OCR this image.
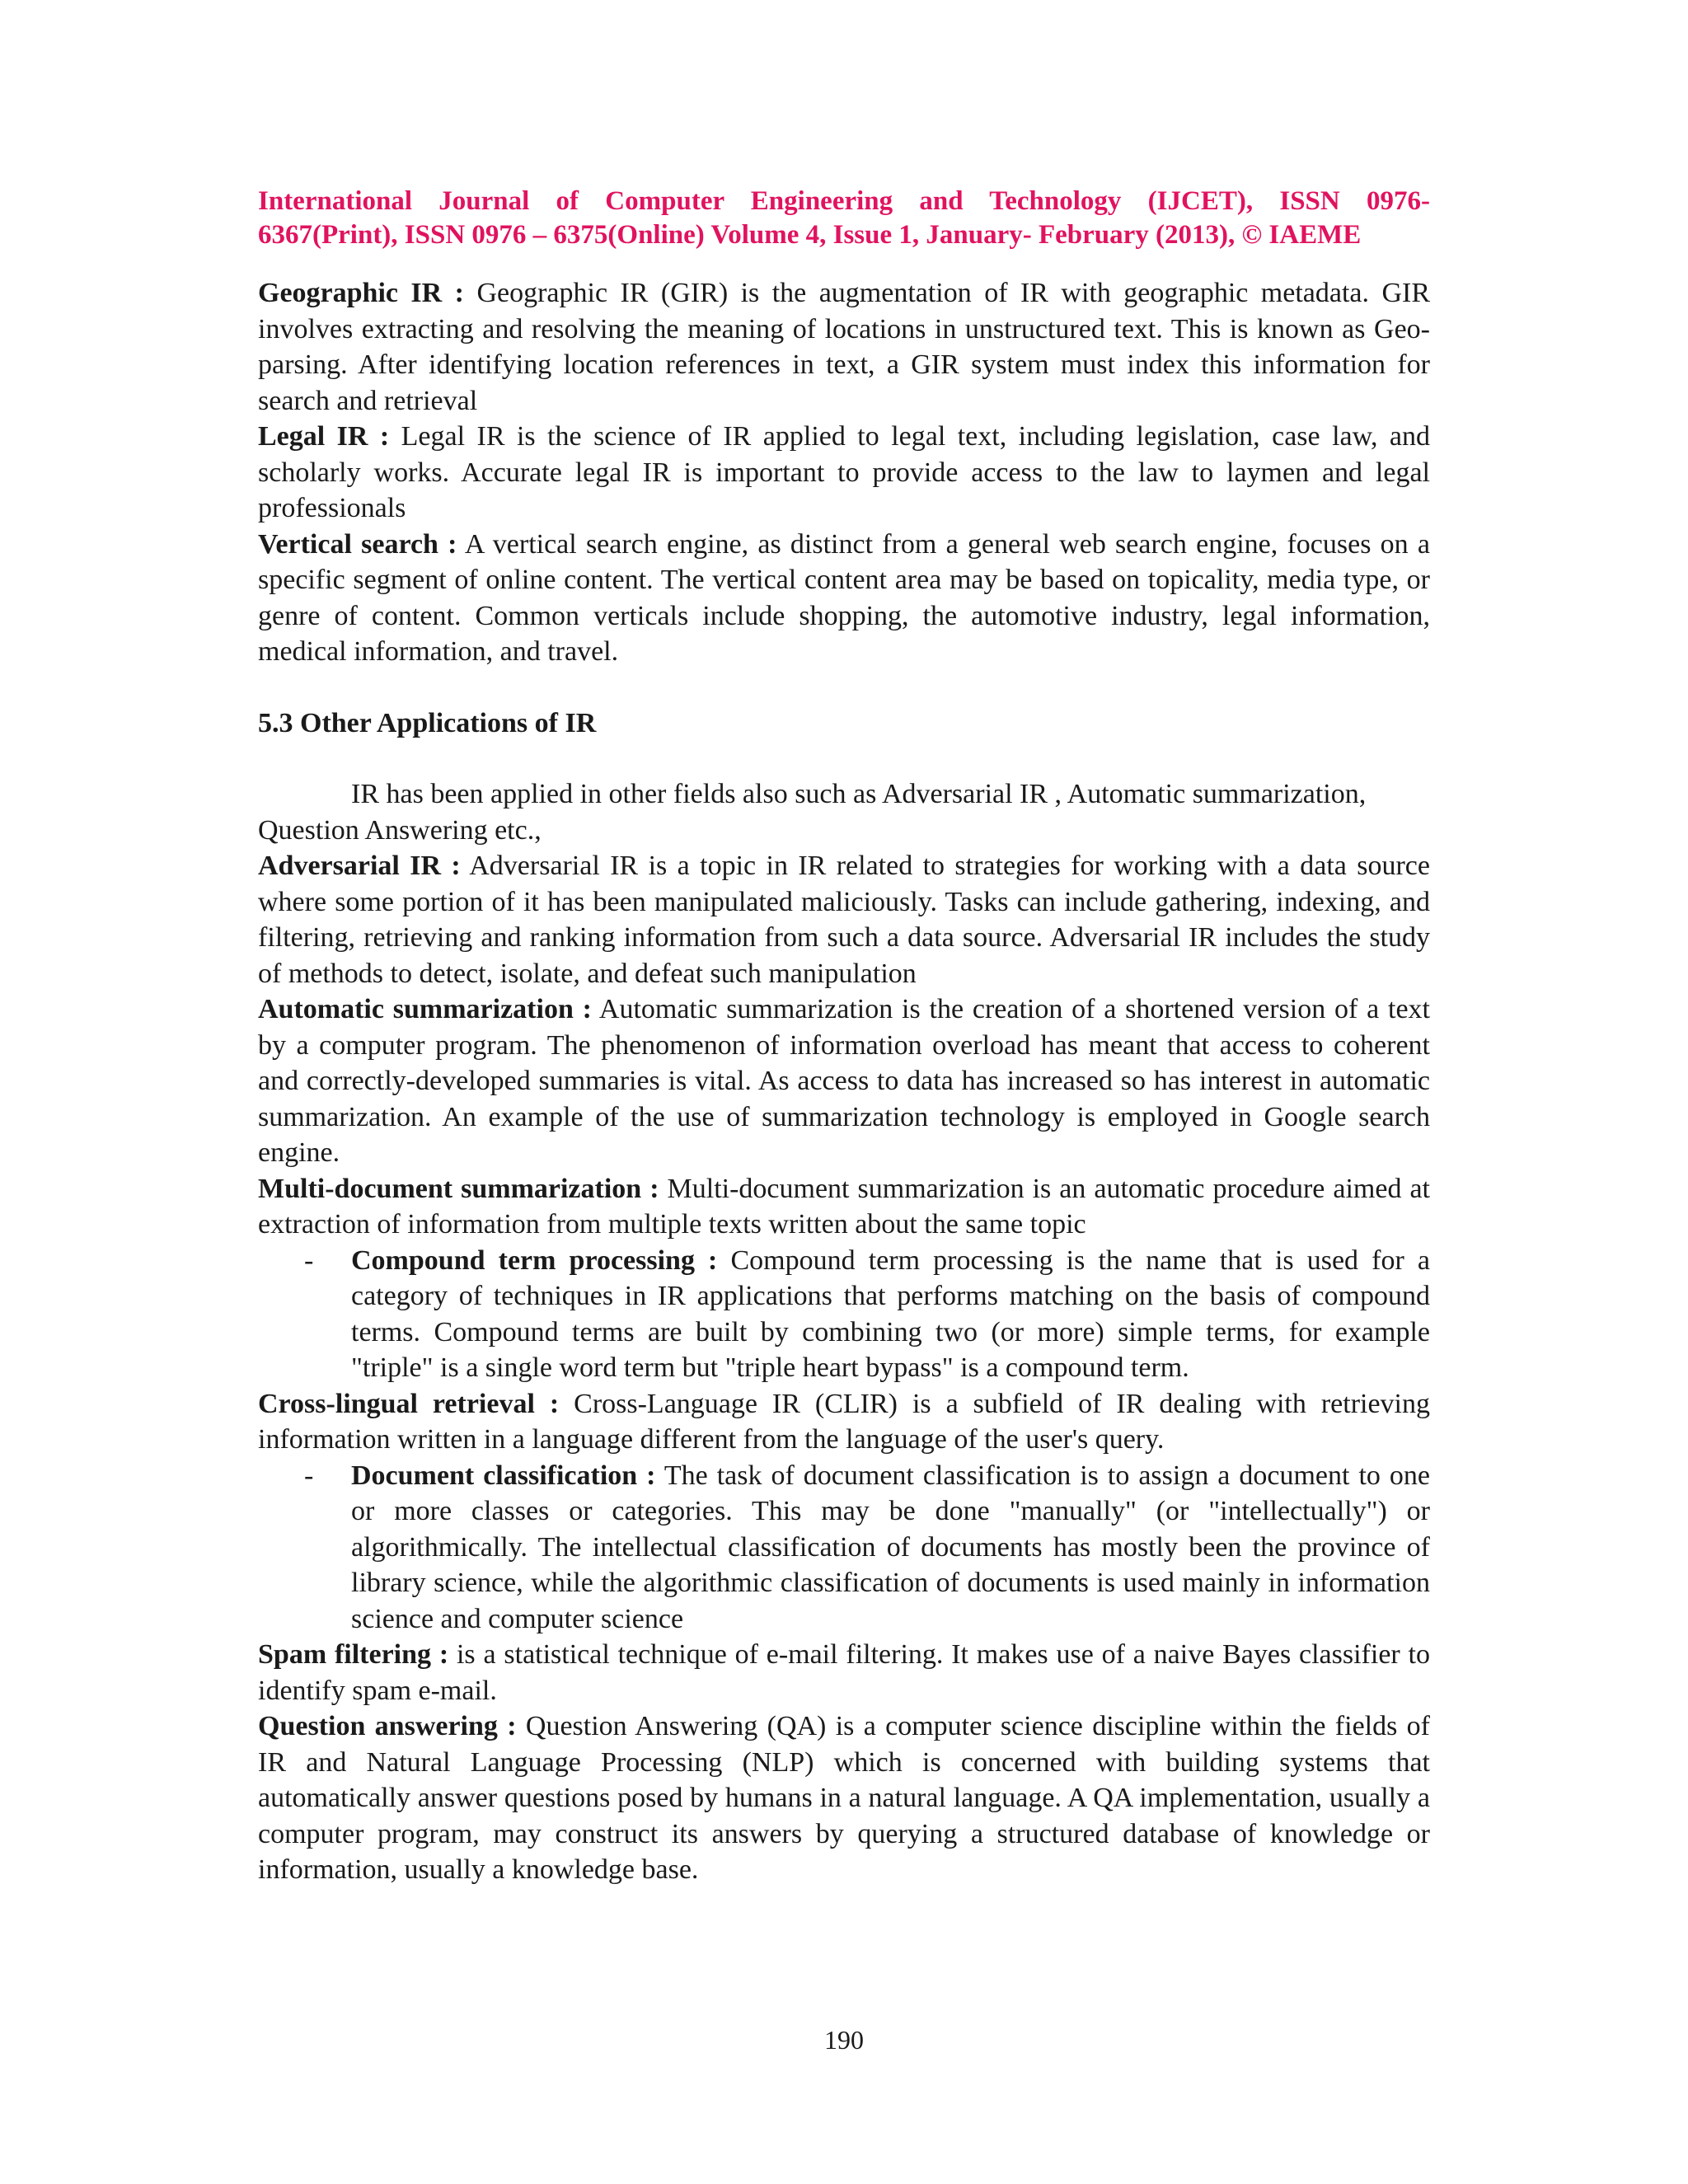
International Journal of Computer Engineering and Technology (IJCET), ISSN 0976-
6367(Print), ISSN 0976 – 6375(Online) Volume 4, Issue 1, January- February (2013), © IAEME

Geographic IR : Geographic IR (GIR) is the augmentation of IR with geographic metadata. GIR involves extracting and resolving the meaning of locations in unstructured text. This is known as Geo-parsing. After identifying location references in text, a GIR system must index this information for search and retrieval

Legal IR : Legal IR is the science of IR applied to legal text, including legislation, case law, and scholarly works. Accurate legal IR is important to provide access to the law to laymen and legal professionals

Vertical search : A vertical search engine, as distinct from a general web search engine, focuses on a specific segment of online content. The vertical content area may be based on topicality, media type, or genre of content. Common verticals include shopping, the automotive industry, legal information, medical information, and travel.

5.3 Other Applications of IR

IR has been applied in other fields also such as Adversarial IR , Automatic summarization, Question Answering etc.,

Adversarial IR : Adversarial IR is a topic in IR related to strategies for working with a data source where some portion of it has been manipulated maliciously. Tasks can include gathering, indexing, and filtering, retrieving and ranking information from such a data source. Adversarial IR includes the study of methods to detect, isolate, and defeat such manipulation

Automatic summarization : Automatic summarization is the creation of a shortened version of a text by a computer program. The phenomenon of information overload has meant that access to coherent and correctly-developed summaries is vital. As access to data has increased so has interest in automatic summarization. An example of the use of summarization technology is employed in Google search engine.

Multi-document summarization : Multi-document summarization is an automatic procedure aimed at extraction of information from multiple texts written about the same topic

- Compound term processing : Compound term processing is the name that is used for a category of techniques in IR applications that performs matching on the basis of compound terms. Compound terms are built by combining two (or more) simple terms, for example "triple" is a single word term but "triple heart bypass" is a compound term.

Cross-lingual retrieval : Cross-Language IR (CLIR) is a subfield of IR dealing with retrieving information written in a language different from the language of the user's query.

- Document classification : The task of document classification is to assign a document to one or more classes or categories. This may be done "manually" (or "intellectually") or algorithmically. The intellectual classification of documents has mostly been the province of library science, while the algorithmic classification of documents is used mainly in information science and computer science

Spam filtering : is a statistical technique of e-mail filtering. It makes use of a naive Bayes classifier to identify spam e-mail.

Question answering : Question Answering (QA) is a computer science discipline within the fields of IR and Natural Language Processing (NLP) which is concerned with building systems that automatically answer questions posed by humans in a natural language. A QA implementation, usually a computer program, may construct its answers by querying a structured database of knowledge or information, usually a knowledge base.

190
